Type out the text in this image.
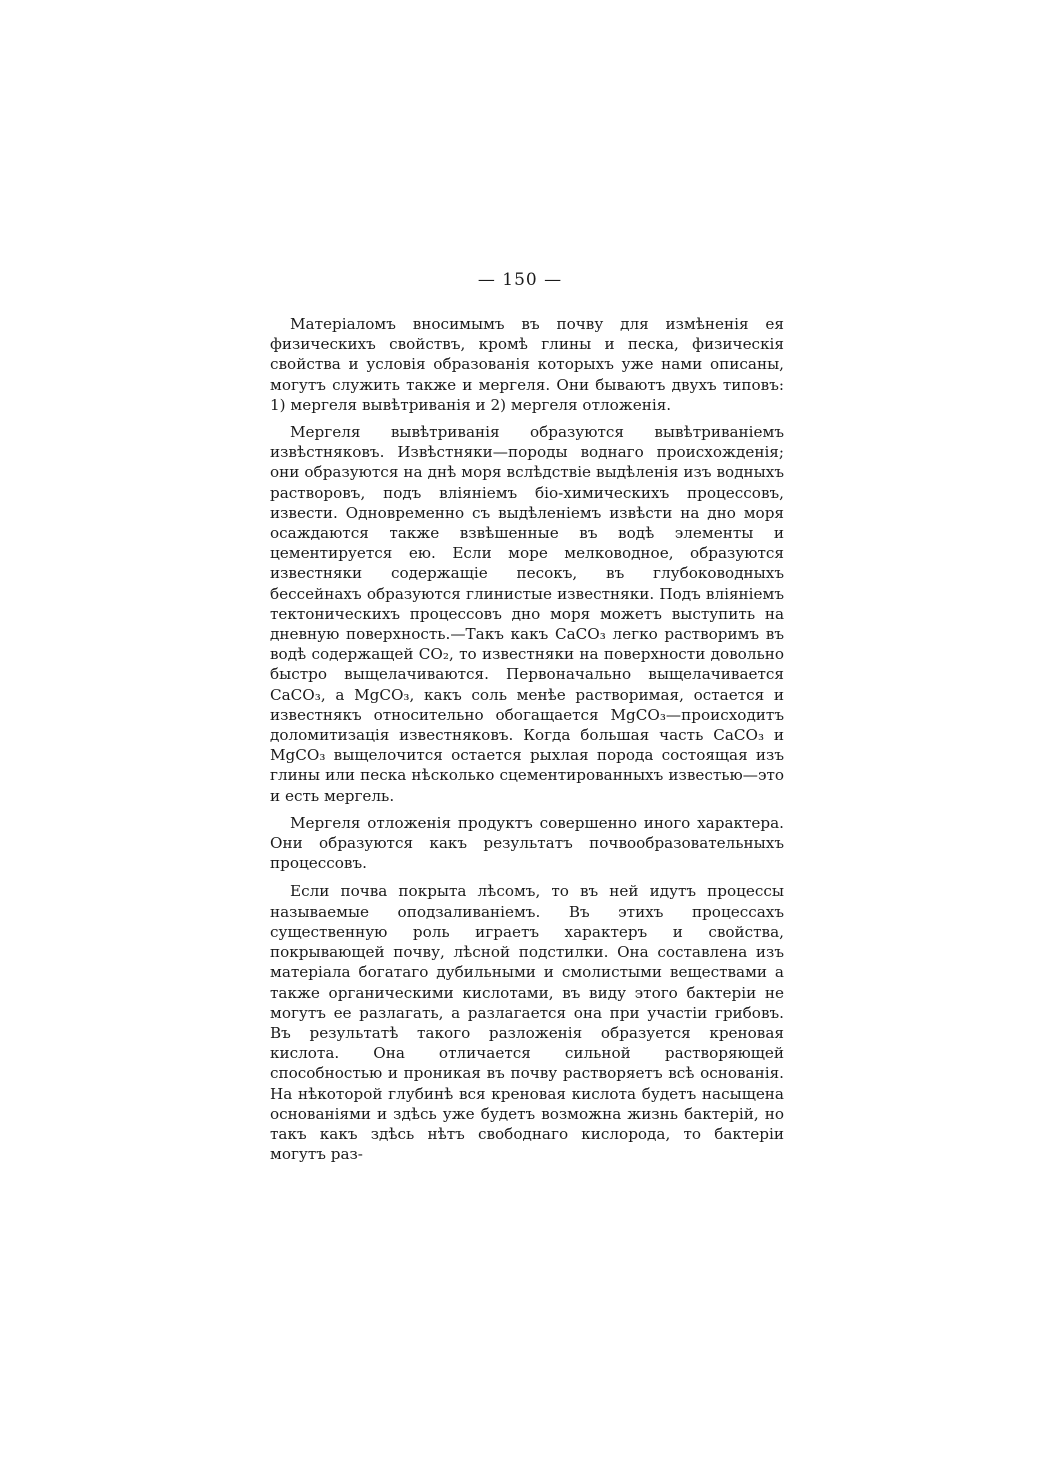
— 150 —

Матеріаломъ вносимымъ въ почву для измѣненія ея физическихъ свойствъ, кромѣ глины и песка, физическія свойства и условія образованія которыхъ уже нами описаны, могутъ служить также и мергеля. Они бываютъ двухъ типовъ: 1) мергеля вывѣтриванія и 2) мергеля отложенія.

Мергеля вывѣтриванія образуются вывѣтриваніемъ извѣстняковъ. Извѣстняки—породы воднаго происхожденія; они образуются на днѣ моря вслѣдствіе выдѣленія изъ водныхъ растворовъ, подъ вліяніемъ біо-химическихъ процессовъ, извести. Одновременно съ выдѣленіемъ извѣсти на дно моря осаждаются также взвѣшенные въ водѣ элементы и цементируется ею. Если море мелководное, образуются известняки содержащіе песокъ, въ глубоководныхъ бессейнахъ образуются глинистые известняки. Подъ вліяніемъ тектоническихъ процессовъ дно моря можетъ выступить на дневную поверхность.—Такъ какъ CaCO₃ легко растворимъ въ водѣ содержащей CO₂, то известняки на поверхности довольно быстро выщелачиваются. Первоначально выщелачивается CaCO₃, а MgCO₃, какъ соль менѣе растворимая, остается и известнякъ относительно обогащается MgCO₃—происходитъ доломитизація известняковъ. Когда большая часть CaCO₃ и MgCO₃ выщелочится остается рыхлая порода состоящая изъ глины или песка нѣсколько сцементированныхъ известью—это и есть мергель.

Мергеля отложенія продуктъ совершенно иного характера. Они образуются какъ результатъ почвообразовательныхъ процессовъ.

Если почва покрыта лѣсомъ, то въ ней идутъ процессы называемые оподзаливаніемъ. Въ этихъ процессахъ существенную роль играетъ характеръ и свойства, покрывающей почву, лѣсной подстилки. Она составлена изъ матеріала богатаго дубильными и смолистыми веществами а также органическими кислотами, въ виду этого бактеріи не могутъ ее разлагать, а разлагается она при участіи грибовъ. Въ результатѣ такого разложенія образуется креновая кислота. Она отличается сильной растворяющей способностью и проникая въ почву растворяетъ всѣ основанія. На нѣкоторой глубинѣ вся креновая кислота будетъ насыщена основаніями и здѣсь уже будетъ возможна жизнь бактерій, но такъ какъ здѣсь нѣтъ свободнаго кислорода, то бактеріи могутъ раз-
